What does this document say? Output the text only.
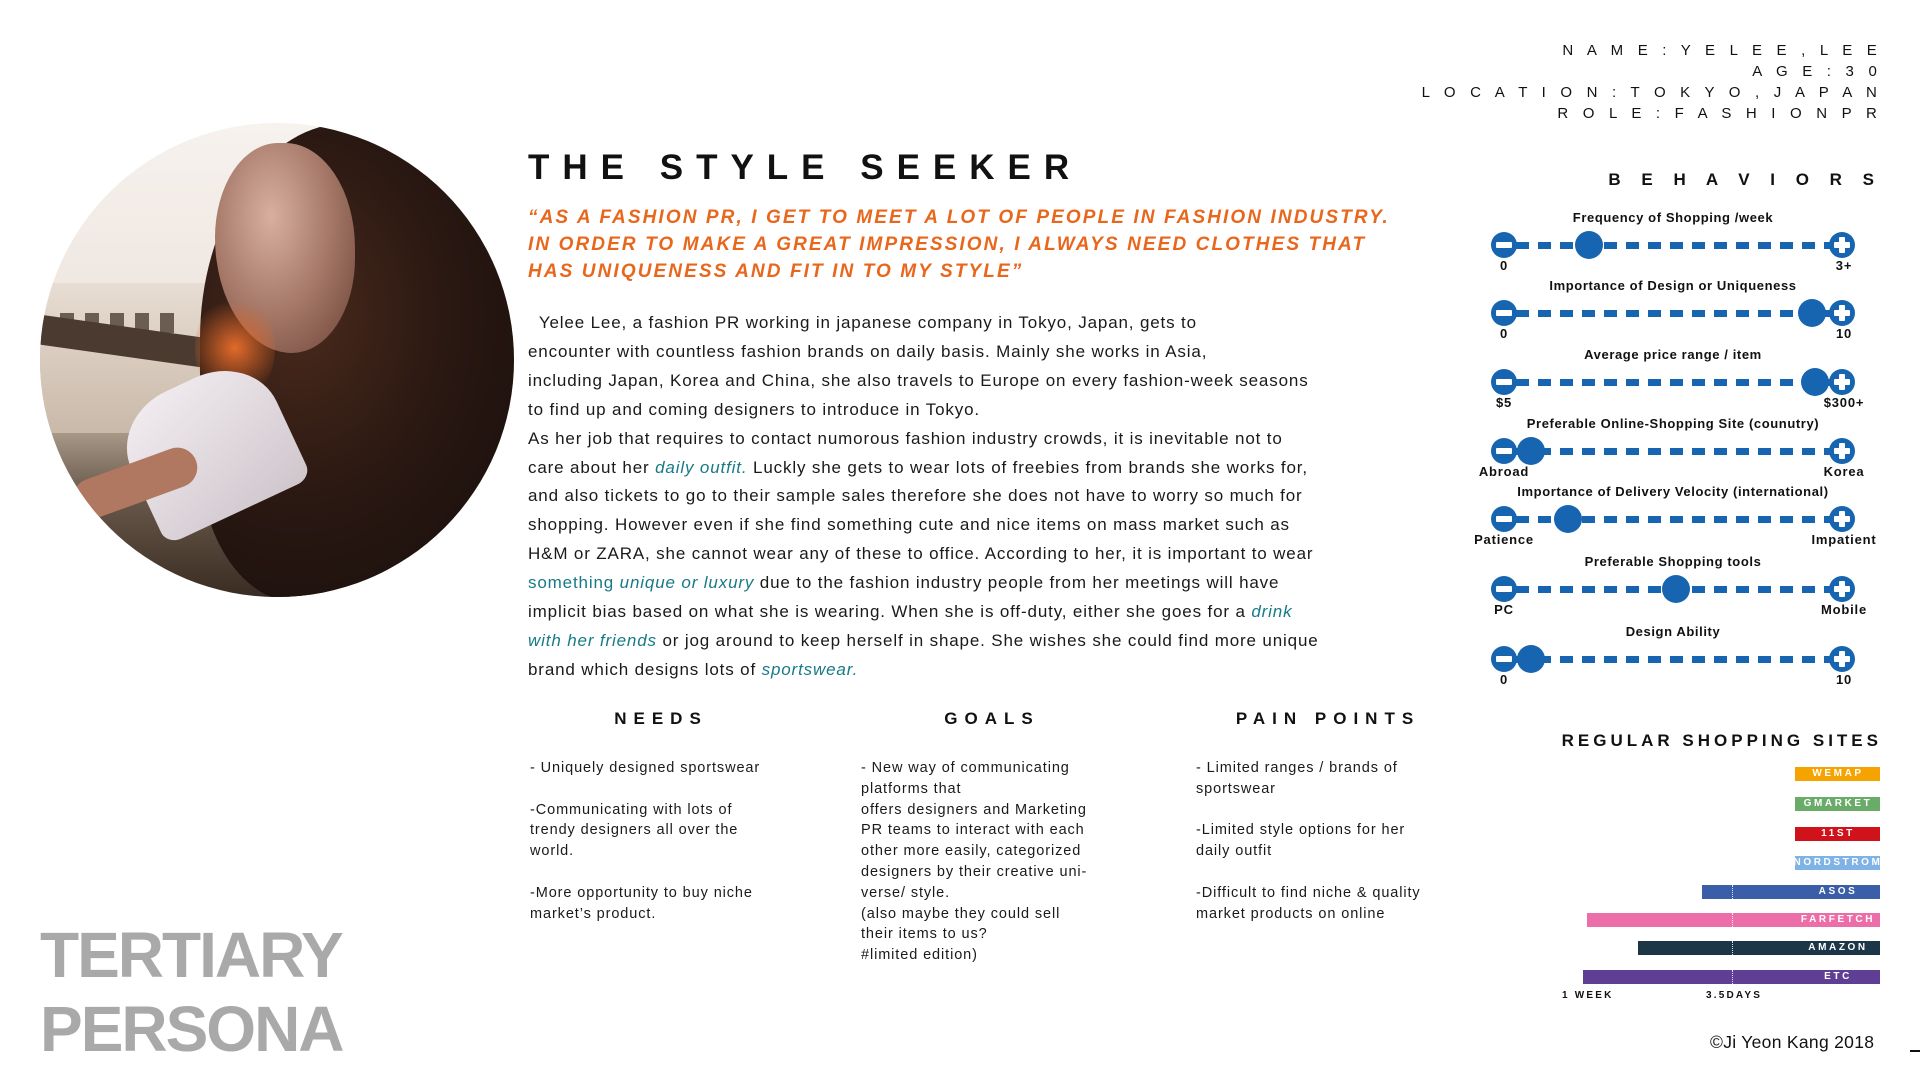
N A M E : Y E L E E , L E E
A G E : 3 0
L O C A T I O N : T O K Y O , J A P A N
R O L E : F A S H I O N P R
THE STYLE SEEKER
“AS A FASHION PR, I GET TO MEET A LOT OF PEOPLE IN FASHION INDUSTRY.
IN ORDER TO MAKE A GREAT IMPRESSION, I ALWAYS NEED CLOTHES THAT
HAS UNIQUENESS AND FIT IN TO MY STYLE”
Yelee Lee, a fashion PR working in japanese company in Tokyo, Japan, gets to
encounter with countless fashion brands on daily basis. Mainly she works in Asia,
including Japan, Korea and China, she also travels to Europe on every fashion-week seasons
to find up and coming designers to introduce in Tokyo.
As her job that requires to contact numorous fashion industry crowds, it is inevitable not to
care about her daily outfit. Luckly she gets to wear lots of freebies from brands she works for,
and also tickets to go to their sample sales therefore she does not have to worry so much for
shopping. However even if she find something cute and nice items on mass market such as
H&M or ZARA, she cannot wear any of these to office. According to her, it is important to wear
something unique or luxury due to the fashion industry people from her meetings will have
implicit bias based on what she is wearing. When she is off-duty, either she goes for a drink
with her friends or jog around to keep herself in shape. She wishes she could find more unique
brand which designs lots of sportswear.
NEEDS
- Uniquely designed sportswear
-Communicating with lots of
trendy designers all over the
world.
-More opportunity to buy niche
market’s product.
GOALS
- New way of communicating
platforms that
offers designers and Marketing
PR teams to interact with each
other more easily, categorized
designers by their creative uni-
verse/ style.
(also maybe they could sell
their items to us?
#limited edition)
PAIN POINTS
- Limited ranges / brands of
sportswear
-Limited style options for her
daily outfit
-Difficult to find niche & quality
market products on online
TERTIARY
PERSONA
B E H A V I O R S
Frequency of Shopping /week
0	3+
Importance of Design or Uniqueness
0	10
Average price range / item
$5	$300+
Preferable Online-Shopping Site (counutry)
Abroad	Korea
Importance of Delivery Velocity (international)
Patience	Impatient
Preferable Shopping tools
PC	Mobile
Design Ability
0	10
REGULAR SHOPPING SITES
WEMAP
GMARKET
11ST
NORDSTROM
ASOS
FARFETCH
AMAZON
ETC
1 WEEK	3.5DAYS
©Ji Yeon Kang 2018
